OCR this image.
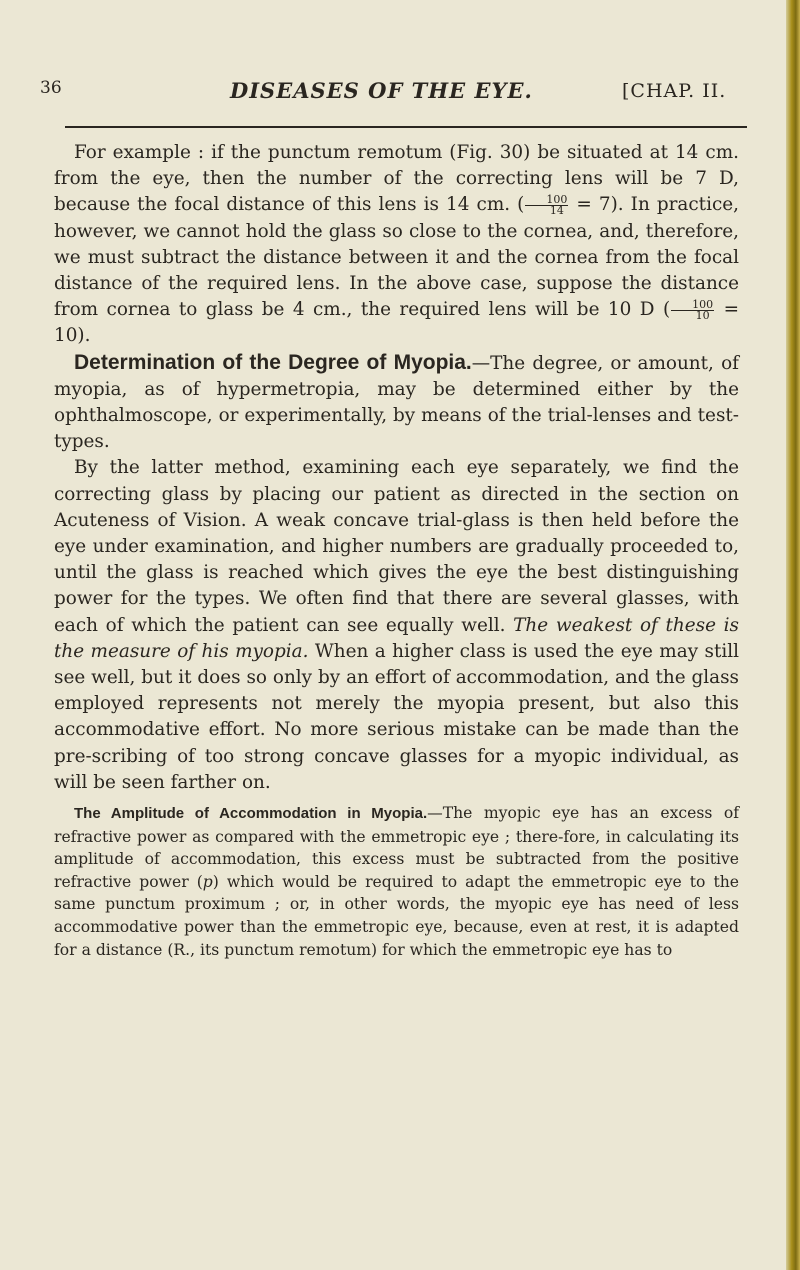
36	DISEASES OF THE EYE.	[CHAP. II.

For example : if the punctum remotum (Fig. 30) be situated at 14 cm. from the eye, then the number of the correcting lens will be 7 D, because the focal distance of this lens is 14 cm. ( $\frac{100}{14} = 7$). In practice, however, we cannot hold the glass so close to the cornea, and, therefore, we must subtract the distance between it and the cornea from the focal distance of the required lens. In the above case, suppose the distance from cornea to glass be 4 cm., the required lens will be 10 D ( $\frac{100}{10} = 10$).

Determination of the Degree of Myopia.—The degree, or amount, of myopia, as of hypermetropia, may be determined either by the ophthalmoscope, or experimentally, by means of the trial-lenses and test-types.

By the latter method, examining each eye separately, we find the correcting glass by placing our patient as directed in the section on Acuteness of Vision. A weak concave trial-glass is then held before the eye under examination, and higher numbers are gradually proceeded to, until the glass is reached which gives the eye the best distinguishing power for the types. We often find that there are several glasses, with each of which the patient can see equally well. The weakest of these is the measure of his myopia. When a higher class is used the eye may still see well, but it does so only by an effort of accommodation, and the glass employed represents not merely the myopia present, but also this accommodative effort. No more serious mistake can be made than the pre-scribing of too strong concave glasses for a myopic individual, as will be seen farther on.

The Amplitude of Accommodation in Myopia.—The myopic eye has an excess of refractive power as compared with the emmetropic eye ; there-fore, in calculating its amplitude of accommodation, this excess must be subtracted from the positive refractive power (p) which would be required to adapt the emmetropic eye to the same punctum proximum ; or, in other words, the myopic eye has need of less accommodative power than the emmetropic eye, because, even at rest, it is adapted for a distance (R., its punctum remotum) for which the emmetropic eye has to
